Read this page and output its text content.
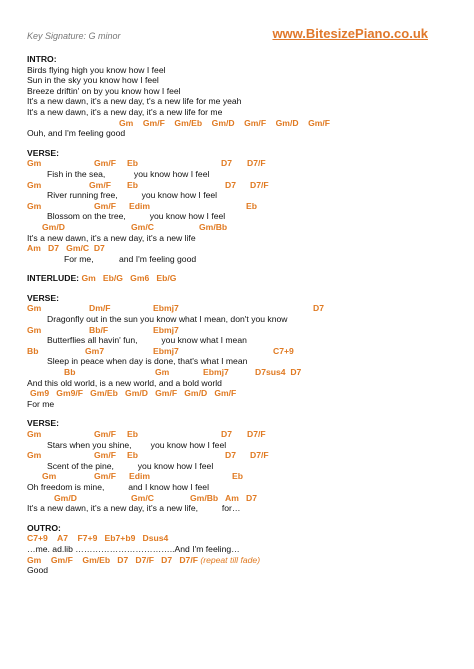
Key Signature: G minor	www.BitesizePiano.co.uk
INTRO:
Birds flying high you know how I feel
Sun in the sky you know how I feel
Breeze driftin' on by you know how I feel
It's a new dawn, it's a new day, t's a new life for me yeah
It's a new dawn, it's a new day, it's a new life for me
Gm    Gm/F    Gm/Eb    Gm/D    Gm/F    Gm/D    Gm/F
Ouh, and I'm feeling good
VERSE:
Gm	Gm/F Eb	D7 D7/F
Fish in the sea,            you know how I feel
Gm	Gm/F Eb	D7 D7/F
River running free,          you know how I feel
Gm	Gm/F Edim	Eb
Blossom on the tree,          you know how I feel
Gm/D	Gm/C	Gm/Bb
It's a new dawn, it's a new day, it's a new life
Am   D7   Gm/C  D7
For me,	and I'm feeling good
INTERLUDE: Gm   Eb/G   Gm6   Eb/G
VERSE:
Gm	Dm/F	Ebmj7	D7
Dragonfly out in the sun you know what I mean, don't you know
Gm	Bb/F	Ebmj7
Butterflies all havin' fun,          you know what I mean
Bb	Gm7	Ebmj7	C7+9
Sleep in peace when day is done, that's what I mean
Bb	Gm	Ebmj7	D7sus4  D7
And this old world, is a new world, and a bold world
Gm9   Gm9/F   Gm/Eb   Gm/D   Gm/F   Gm/D   Gm/F
For me
VERSE:
Gm	Gm/F Eb	D7 D7/F
Stars when you shine,        you know how I feel
Gm	Gm/F Eb	D7 D7/F
Scent of the pine,          you know how I feel
Gm	Gm/F Edim	Eb
Oh freedom is mine,          and I know how I feel
Gm/D	Gm/C	Gm/Bb   Am   D7
It's a new dawn, it's a new day, it's a new life,          for…
OUTRO:
C7+9    A7    F7+9   Eb7+b9   Dsus4
…me. ad.lib ……………………………..And I'm feeling…
Gm    Gm/F    Gm/Eb   D7   D7/F   D7   D7/F (repeat till fade)
Good
